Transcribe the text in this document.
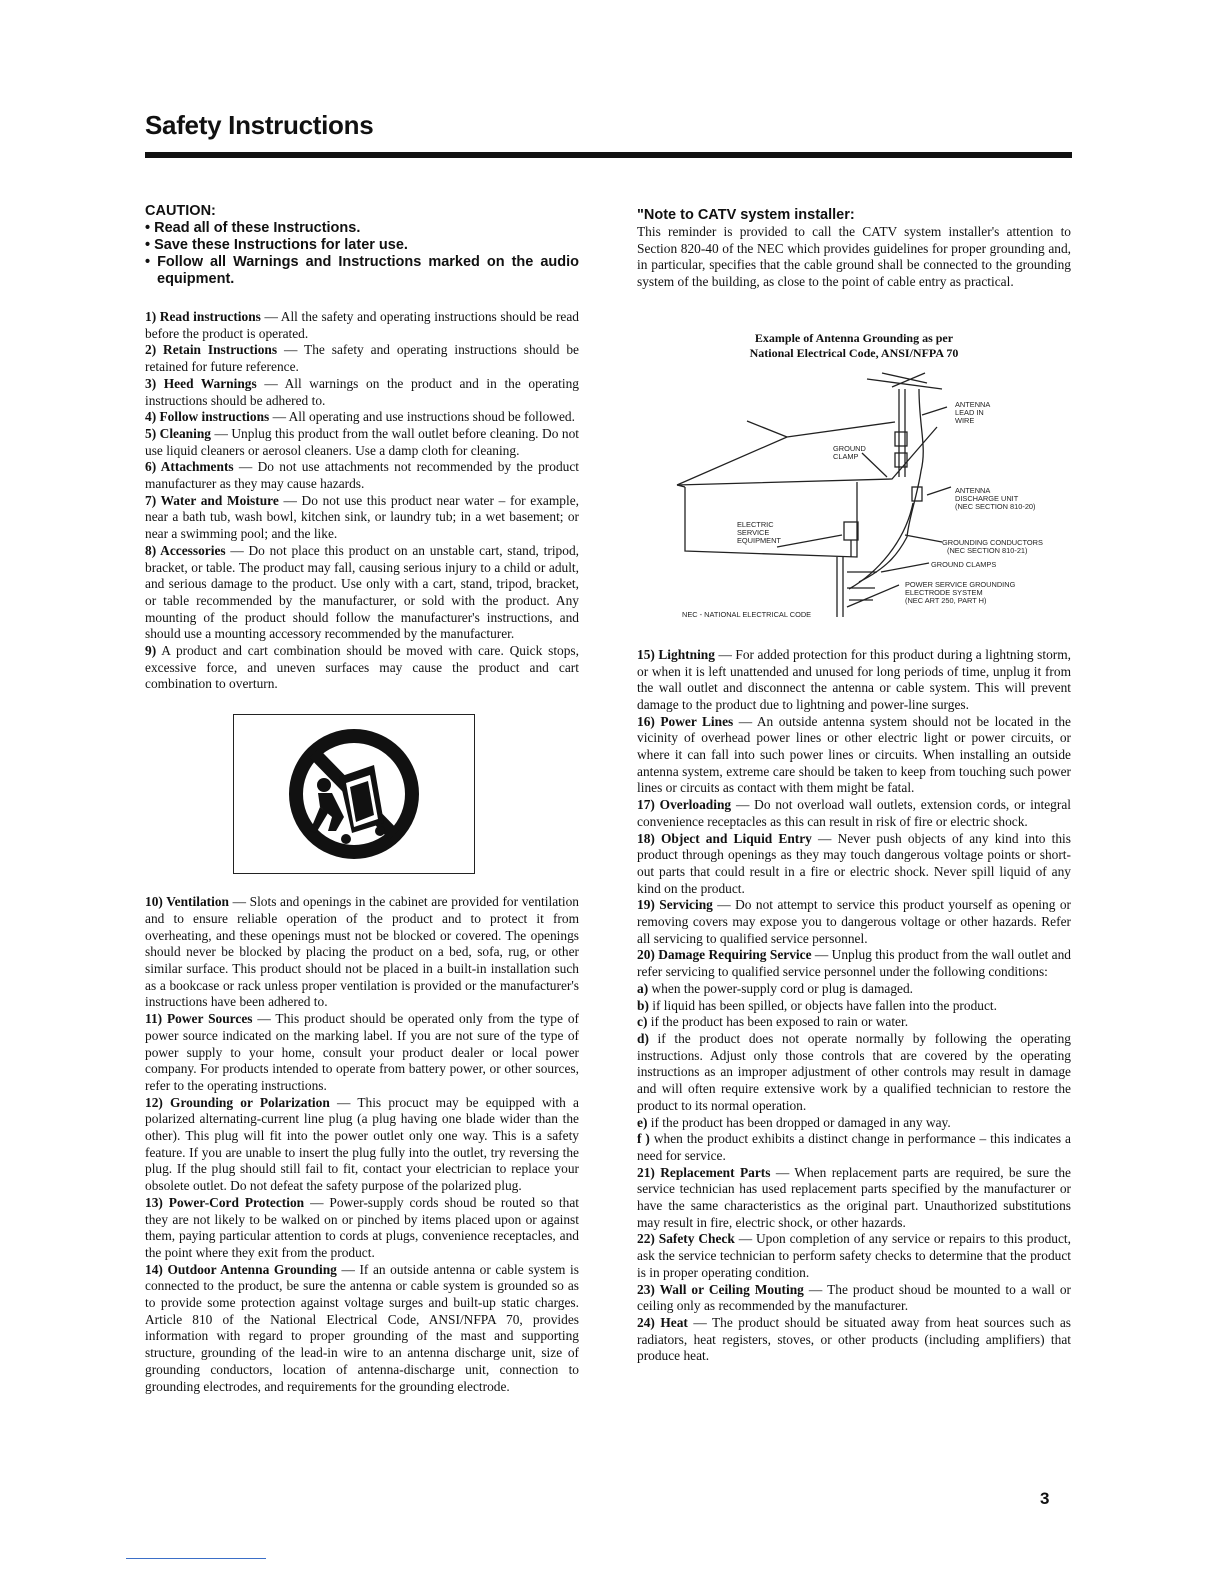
Safety Instructions
CAUTION:
• Read all of these Instructions.
• Save these Instructions for later use.
• Follow all Warnings and Instructions marked on the audio equipment.

1) Read instructions — All the safety and operating instructions should be read before the product is operated.

2) Retain Instructions — The safety and operating instructions should be retained for future reference.

3) Heed Warnings — All warnings on the product and in the operating instructions should be adhered to.

4) Follow instructions — All operating and use instructions shoud be followed.

5) Cleaning — Unplug this product from the wall outlet before cleaning. Do not use liquid cleaners or aerosol cleaners. Use a damp cloth for cleaning.

6) Attachments — Do not use attachments not recommended by the product manufacturer as they may cause hazards.

7) Water and Moisture — Do not use this product near water – for example, near a bath tub, wash bowl, kitchen sink, or laundry tub; in a wet basement; or near a swimming pool; and the like.

8) Accessories — Do not place this product on an unstable cart, stand, tripod, bracket, or table. The product may fall, causing serious injury to a child or adult, and serious damage to the product. Use only with a cart, stand, tripod, bracket, or table recommended by the manufacturer, or sold with the product. Any mounting of the product should follow the manufacturer's instructions, and should use a mounting accessory recommended by the manufacturer.

9) A product and cart combination should be moved with care. Quick stops, excessive force, and uneven surfaces may cause the product and cart combination to overturn.

10) Ventilation — Slots and openings in the cabinet are provided for ventilation and to ensure reliable operation of the product and to protect it from overheating, and these openings must not be blocked or covered. The openings should never be blocked by placing the product on a bed, sofa, rug, or other similar surface. This product should not be placed in a built-in installation such as a bookcase or rack unless proper ventilation is provided or the manufacturer's instructions have been adhered to.

11) Power Sources — This product should be operated only from the type of power source indicated on the marking label. If you are not sure of the type of power supply to your home, consult your product dealer or local power company. For products intended to operate from battery power, or other sources, refer to the operating instructions.

12) Grounding or Polarization — This procuct may be equipped with a polarized alternating-current line plug (a plug having one blade wider than the other). This plug will fit into the power outlet only one way. This is a safety feature. If you are unable to insert the plug fully into the outlet, try reversing the plug. If the plug should still fail to fit, contact your electrician to replace your obsolete outlet. Do not defeat the safety purpose of the polarized plug.

13) Power-Cord Protection — Power-supply cords shoud be routed so that they are not likely to be walked on or pinched by items placed upon or against them, paying particular attention to cords at plugs, convenience receptacles, and the point where they exit from the product.

14) Outdoor Antenna Grounding — If an outside antenna or cable system is connected to the product, be sure the antenna or cable system is grounded so as to provide some protection against voltage surges and built-up static charges. Article 810 of the National Electrical Code, ANSI/NFPA 70, provides information with regard to proper grounding of the mast and supporting structure, grounding of the lead-in wire to an antenna discharge unit, size of grounding conductors, location of antenna-discharge unit, connection to grounding electrodes, and requirements for the grounding electrode.

"Note to CATV system installer:

This reminder is provided to call the CATV system installer's attention to Section 820-40 of the NEC which provides guidelines for proper grounding and, in particular, specifies that the cable ground shall be connected to the grounding system of the building, as close to the point of cable entry as practical.

Example of Antenna Grounding as per
National Electrical Code, ANSI/NFPA 70
ANTENNA
LEAD IN
WIRE
GROUND
CLAMP
ANTENNA
DISCHARGE UNIT
(NEC SECTION 810-20)
ELECTRIC
SERVICE
EQUIPMENT	GROUNDING CONDUCTORS
(NEC SECTION 810-21)
GROUND CLAMPS
POWER SERVICE GROUNDING
ELECTRODE SYSTEM
(NEC ART 250, PART H)
NEC - NATIONAL ELECTRICAL CODE

15) Lightning — For added protection for this product during a lightning storm, or when it is left unattended and unused for long periods of time, unplug it from the wall outlet and disconnect the antenna or cable system. This will prevent damage to the product due to lightning and power-line surges.

16) Power Lines — An outside antenna system should not be located in the vicinity of overhead power lines or other electric light or power circuits, or where it can fall into such power lines or circuits. When installing an outside antenna system, extreme care should be taken to keep from touching such power lines or circuits as contact with them might be fatal.

17) Overloading — Do not overload wall outlets, extension cords, or integral convenience receptacles as this can result in risk of fire or electric shock.

18) Object and Liquid Entry — Never push objects of any kind into this product through openings as they may touch dangerous voltage points or short-out parts that could result in a fire or electric shock. Never spill liquid of any kind on the product.

19) Servicing — Do not attempt to service this product yourself as opening or removing covers may expose you to dangerous voltage or other hazards. Refer all servicing to qualified service personnel.

20) Damage Requiring Service — Unplug this product from the wall outlet and refer servicing to qualified service personnel under the following conditions:

a) when the power-supply cord or plug is damaged.

b) if liquid has been spilled, or objects have fallen into the product.

c) if the product has been exposed to rain or water.

d) if the product does not operate normally by following the operating instructions. Adjust only those controls that are covered by the operating instructions as an improper adjustment of other controls may result in damage and will often require extensive work by a qualified technician to restore the product to its normal operation.

e) if the product has been dropped or damaged in any way.

f ) when the product exhibits a distinct change in performance – this indicates a need for service.

21) Replacement Parts — When replacement parts are required, be sure the service technician has used replacement parts specified by the manufacturer or have the same characteristics as the original part. Unauthorized substitutions may result in fire, electric shock, or other hazards.

22) Safety Check — Upon completion of any service or repairs to this product, ask the service technician to perform safety checks to determine that the product is in proper operating condition.

23) Wall or Ceiling Mouting — The product shoud be mounted to a wall or ceiling only as recommended by the manufacturer.

24) Heat — The product should be situated away from heat sources such as radiators, heat registers, stoves, or other products (including amplifiers) that produce heat.

3
